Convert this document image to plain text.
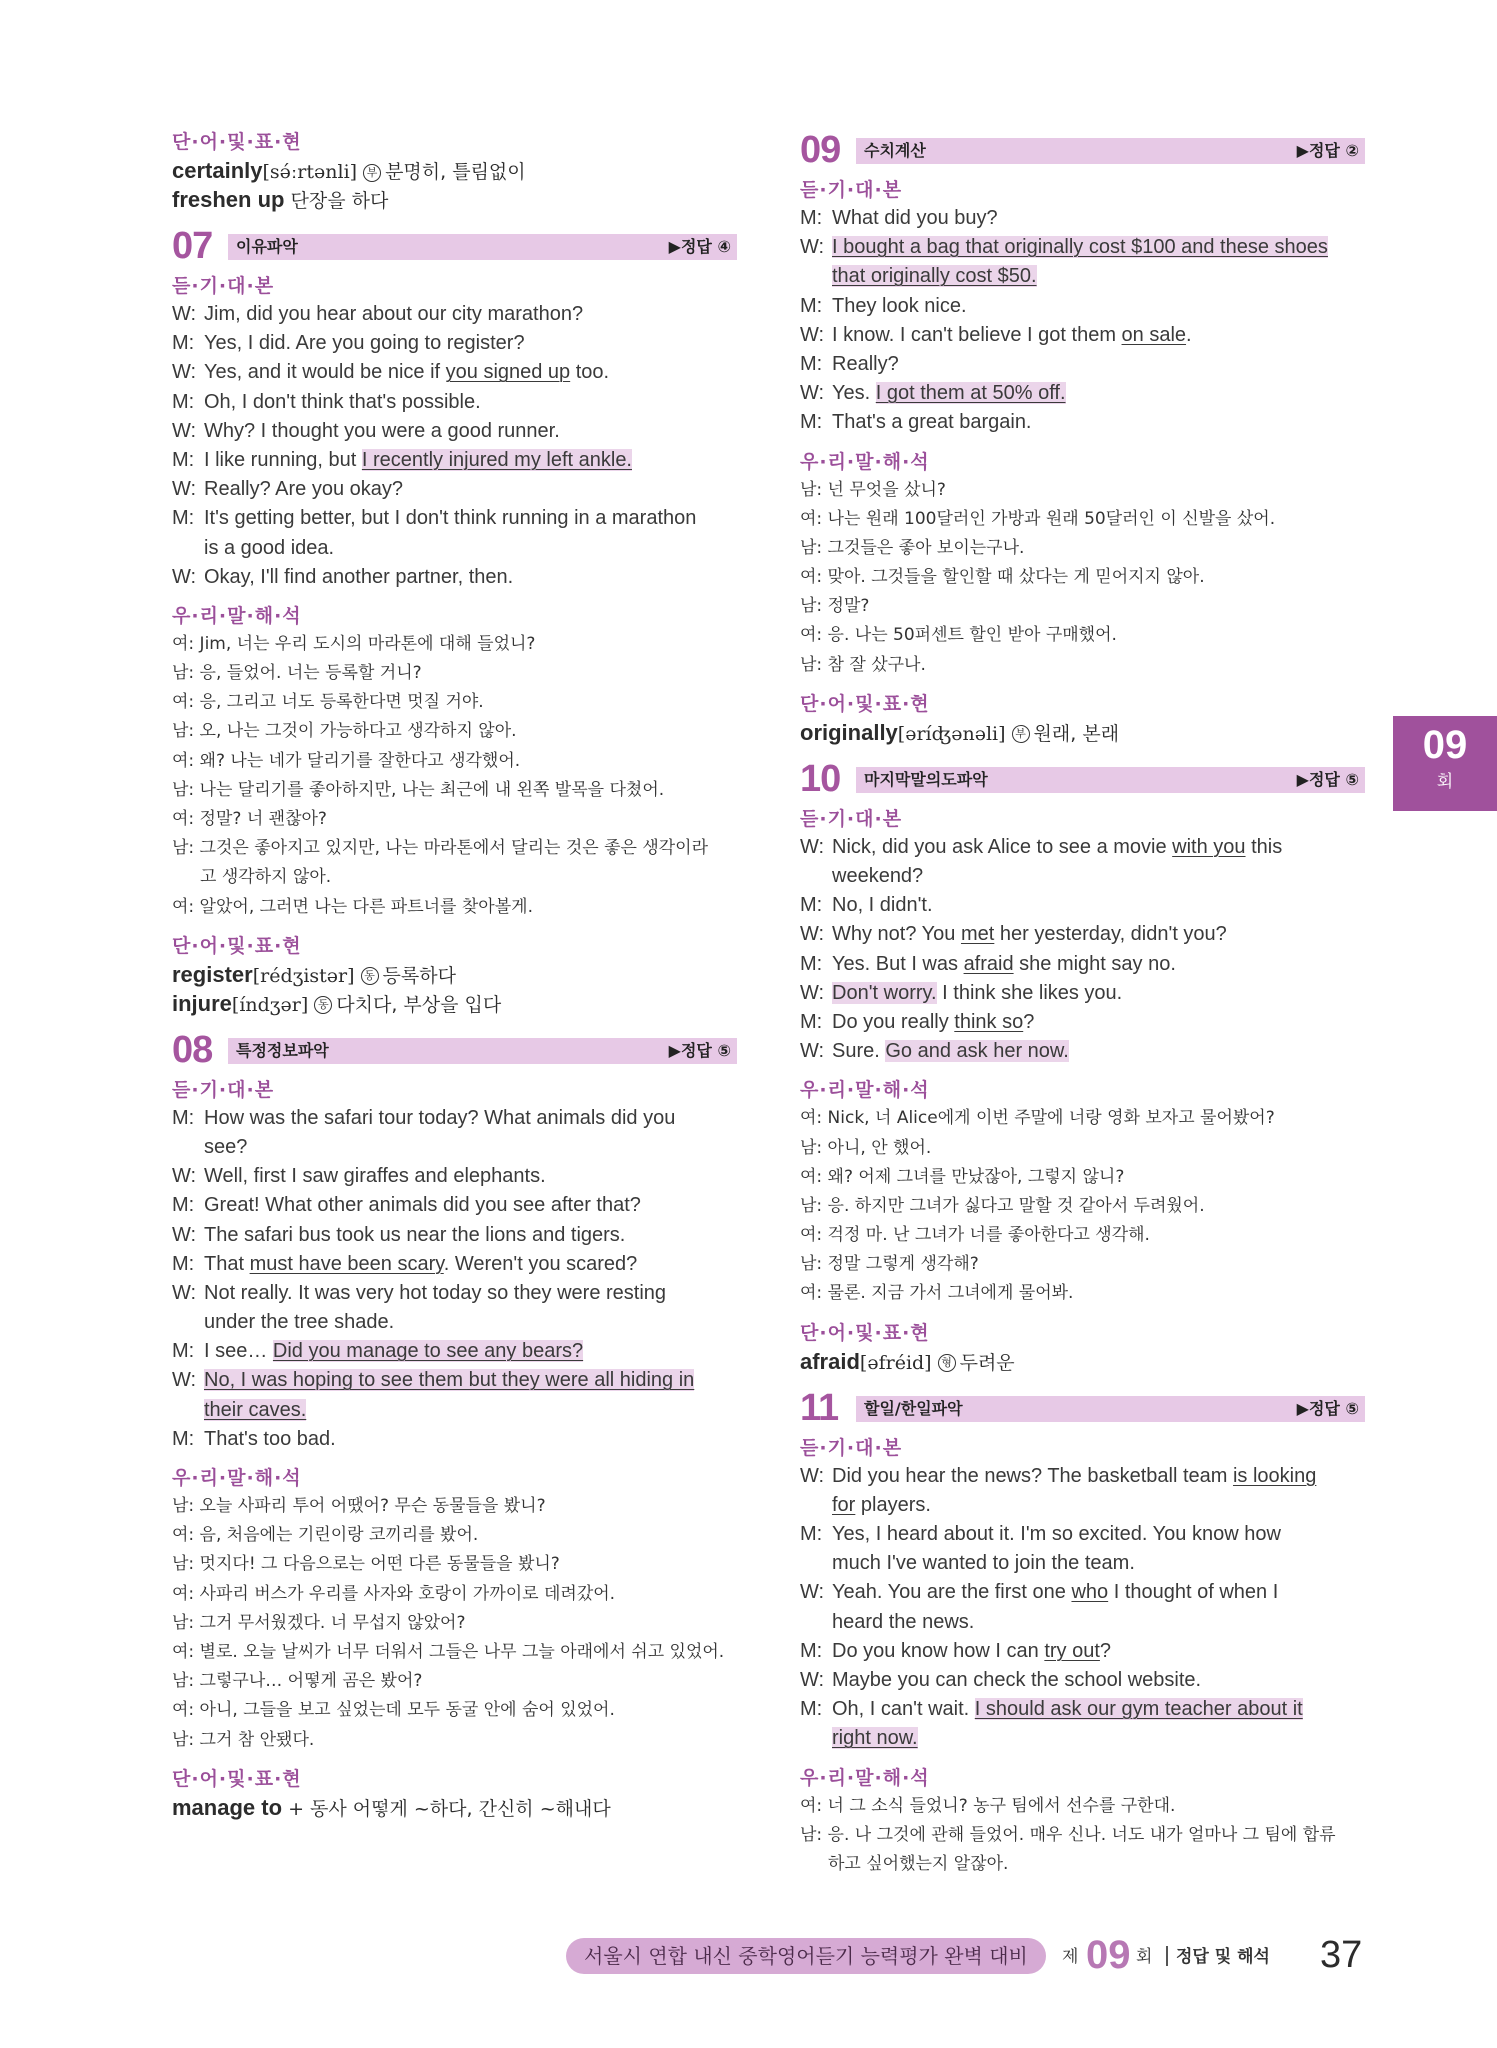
단·어·및·표·현
certainly[sə́ːrtənli] 부 분명히, 틀림없이
freshen up 단장을 하다
07 이유파악	▶정답 ④
듣·기·대·본
W: Jim, did you hear about our city marathon?
M: Yes, I did. Are you going to register?
W: Yes, and it would be nice if you signed up too.
M: Oh, I don't think that's possible.
W: Why? I thought you were a good runner.
M: I like running, but I recently injured my left ankle.
W: Really? Are you okay?
M: It's getting better, but I don't think running in a marathon
is a good idea.
W: Okay, I'll find another partner, then.
우·리·말·해·석
여: Jim, 너는 우리 도시의 마라톤에 대해 들었니?
남: 응, 들었어. 너는 등록할 거니?
여: 응, 그리고 너도 등록한다면 멋질 거야.
남: 오, 나는 그것이 가능하다고 생각하지 않아.
여: 왜? 나는 네가 달리기를 잘한다고 생각했어.
남: 나는 달리기를 좋아하지만, 나는 최근에 내 왼쪽 발목을 다쳤어.
여: 정말? 너 괜찮아?
남: 그것은 좋아지고 있지만, 나는 마라톤에서 달리는 것은 좋은 생각이라
고 생각하지 않아.
여: 알았어, 그러면 나는 다른 파트너를 찾아볼게.
단·어·및·표·현
register[rédʒistər] 동 등록하다
injure[índʒər] 동 다치다, 부상을 입다
08 특정정보파악	▶정답 ⑤
듣·기·대·본
M: How was the safari tour today? What animals did you
see?
W: Well, first I saw giraffes and elephants.
M: Great! What other animals did you see after that?
W: The safari bus took us near the lions and tigers.
M: That must have been scary. Weren't you scared?
W: Not really. It was very hot today so they were resting
under the tree shade.
M: I see… Did you manage to see any bears?
W: No, I was hoping to see them but they were all hiding in
their caves.
M: That's too bad.
우·리·말·해·석
남: 오늘 사파리 투어 어땠어? 무슨 동물들을 봤니?
여: 음, 처음에는 기린이랑 코끼리를 봤어.
남: 멋지다! 그 다음으로는 어떤 다른 동물들을 봤니?
여: 사파리 버스가 우리를 사자와 호랑이 가까이로 데려갔어.
남: 그거 무서웠겠다. 너 무섭지 않았어?
여: 별로. 오늘 날씨가 너무 더워서 그들은 나무 그늘 아래에서 쉬고 있었어.
남: 그렇구나… 어떻게 곰은 봤어?
여: 아니, 그들을 보고 싶었는데 모두 동굴 안에 숨어 있었어.
남: 그거 참 안됐다.
단·어·및·표·현
manage to + 동사 어떻게 ~하다, 간신히 ~해내다
09 수치계산	▶정답 ②
듣·기·대·본
M: What did you buy?
W: I bought a bag that originally cost $100 and these shoes
that originally cost $50.
M: They look nice.
W: I know. I can't believe I got them on sale.
M: Really?
W: Yes. I got them at 50% off.
M: That's a great bargain.
우·리·말·해·석
남: 넌 무엇을 샀니?
여: 나는 원래 100달러인 가방과 원래 50달러인 이 신발을 샀어.
남: 그것들은 좋아 보이는구나.
여: 맞아. 그것들을 할인할 때 샀다는 게 믿어지지 않아.
남: 정말?
여: 응. 나는 50퍼센트 할인 받아 구매했어.
남: 참 잘 샀구나.
단·어·및·표·현
originally[əríʤənəli] 부 원래, 본래
10 마지막말의도파악	▶정답 ⑤
듣·기·대·본
W: Nick, did you ask Alice to see a movie with you this
weekend?
M: No, I didn't.
W: Why not? You met her yesterday, didn't you?
M: Yes. But I was afraid she might say no.
W: Don't worry. I think she likes you.
M: Do you really think so?
W: Sure. Go and ask her now.
우·리·말·해·석
여: Nick, 너 Alice에게 이번 주말에 너랑 영화 보자고 물어봤어?
남: 아니, 안 했어.
여: 왜? 어제 그녀를 만났잖아, 그렇지 않니?
남: 응. 하지만 그녀가 싫다고 말할 것 같아서 두려웠어.
여: 걱정 마. 난 그녀가 너를 좋아한다고 생각해.
남: 정말 그렇게 생각해?
여: 물론. 지금 가서 그녀에게 물어봐.
단·어·및·표·현
afraid[əfréid] 형 두려운
11 할일/한일파악	▶정답 ⑤
듣·기·대·본
W: Did you hear the news? The basketball team is looking
for players.
M: Yes, I heard about it. I'm so excited. You know how
much I've wanted to join the team.
W: Yeah. You are the first one who I thought of when I
heard the news.
M: Do you know how I can try out?
W: Maybe you can check the school website.
M: Oh, I can't wait. I should ask our gym teacher about it
right now.
우·리·말·해·석
여: 너 그 소식 들었니? 농구 팀에서 선수를 구한대.
남: 응. 나 그것에 관해 들었어. 매우 신나. 너도 내가 얼마나 그 팀에 합류
하고 싶어했는지 알잖아.
09
회
서울시 연합 내신 중학영어듣기 능력평가 완벽 대비	제 09 회 정답 및 해석 37
